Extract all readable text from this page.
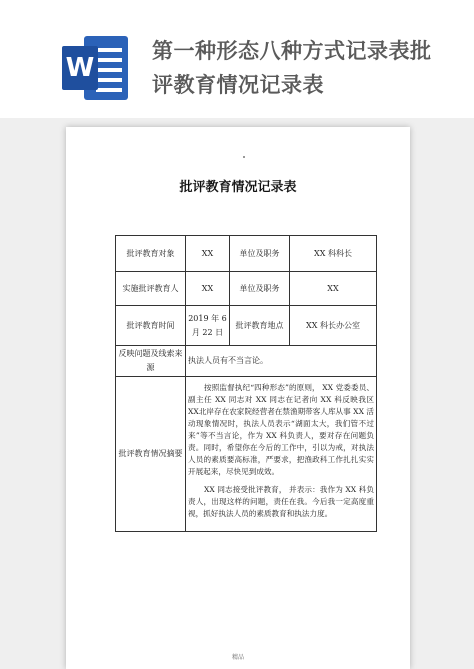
W
第一种形态八种方式记录表批评教育情况记录表
批评教育情况记录表
批评教育对象	XX	单位及职务	XX 科科长
实施批评教育人	XX	单位及职务	XX
批评教育时间	2019 年 6 月 22 日	批评教育地点	XX 科长办公室
反映问题及线索来源	执法人员有不当言论。		
批评教育情况摘要	按照监督执纪“四种形态”的原则， XX 党委委员、副主任 XX 同志对 XX 同志在记者向 XX 科反映我区XX北岸存在农家院经营者在禁渔期带客人库从事 XX 活动现象情况时，执法人员表示“湖面太大，我们管不过来”等不当言论，作为 XX 科负责人，要对存在问题负责。同时，希望你在今后的工作中，引以为戒，对执法人员的素质要高标准，严要求，把渔政科工作扎扎实实开展起来，尽快见到成效。

XX 同志接受批评教育， 并表示：我作为 XX 科负责人，出现这样的问题，责任在我。今后我一定高度重视，抓好执法人员的素质教育和执法力度。		

精品
